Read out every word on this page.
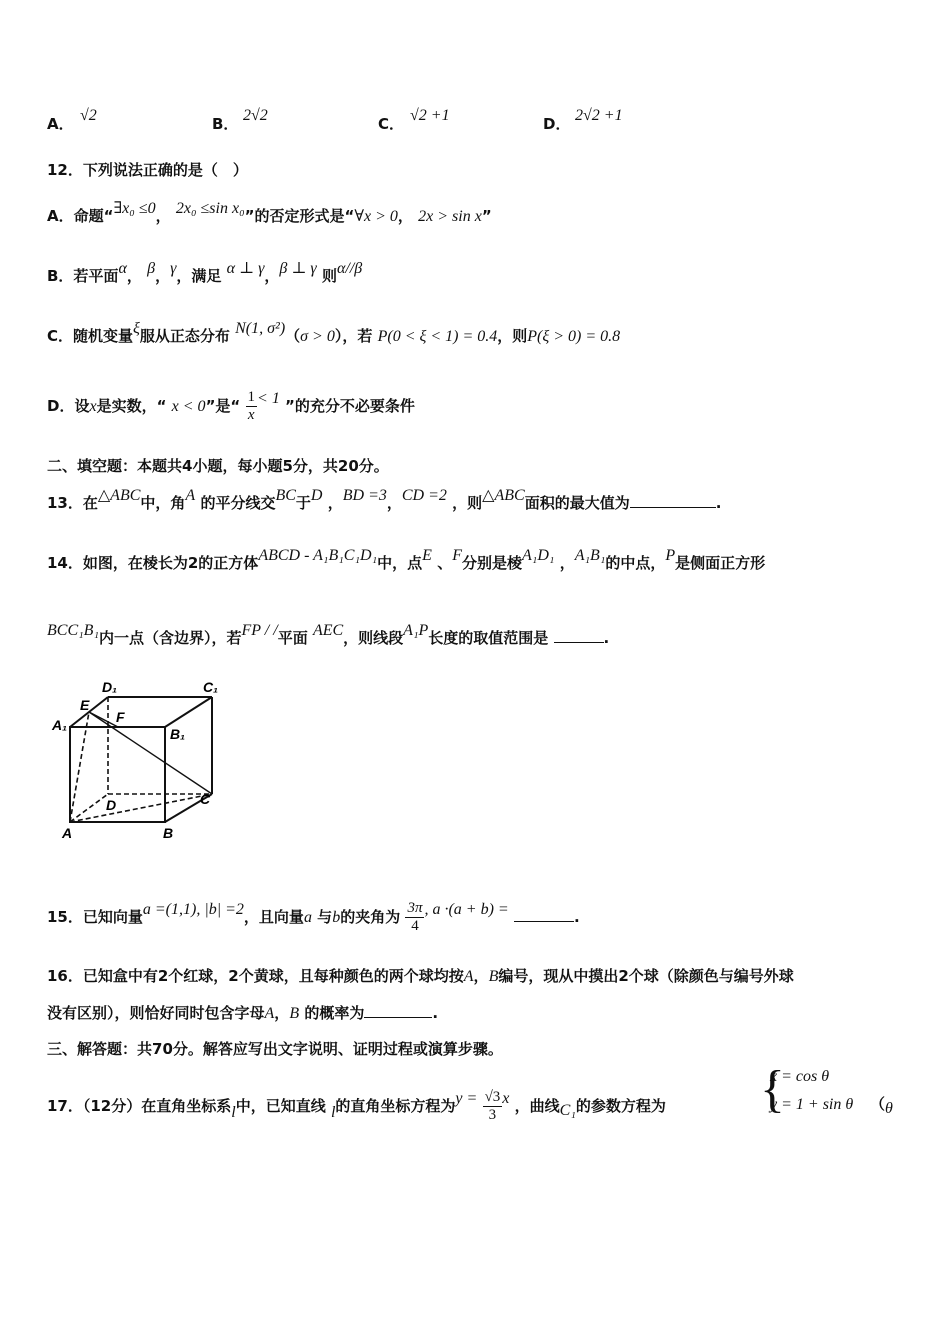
A． √2	B． 2√2	C． √2 +1	D． 2√2 +1
12．下列说法正确的是（　）
A．命题“∃x₀ ≤0， 2x₀ ≤sin x₀”的否定形式是“∀x > 0， 2x > sin x”
B．若平面α， β，γ，满足 α ⊥ γ，β ⊥ γ 则α//β
C．随机变量ξ服从正态分布 N(1, σ²)（σ > 0），若 P(0 < ξ < 1) = 0.4，则P(ξ > 0) = 0.8
D．设x是实数，“ x < 0”是“ $\frac{1}{x} < 1$ ”的充分不必要条件
二、填空题：本题共4小题，每小题5分，共20分。
13．在△ABC中，角A 的平分线交BC于D ，BD =3，CD =2 ，则△ABC面积的最大值为	.
14．如图，在棱长为2的正方体ABCD - A₁B₁C₁D₁中，点E 、F分别是棱A₁D₁ ，A₁B₁的中点，P是侧面正方形
BCC₁B₁内一点（含边界），若FP / /平面 AEC，则线段A₁P长度的取值范围是	.
D₁	C₁
A₁
E
F
B₁
D	C
A	B
15．已知向量a =(1,1), |b| =2，且向量a 与b的夹角为 $\frac{3\pi}{4}$ , a ·(a + b) =	.
16．已知盒中有2个红球，2个黄球，且每种颜色的两个球均按A，B编号，现从中摸出2个球（除颜色与编号外球
没有区别），则恰好同时包含字母A，B 的概率为	.
三、解答题：共70分。解答应写出文字说明、证明过程或演算步骤。
17．（12分）在直角坐标系l中，已知直线 l的直角坐标方程为$y = \frac{√3}{3}$ x ，曲线C₁的参数方程为 {
x = cos θ
y = 1 + sin θ （θ
